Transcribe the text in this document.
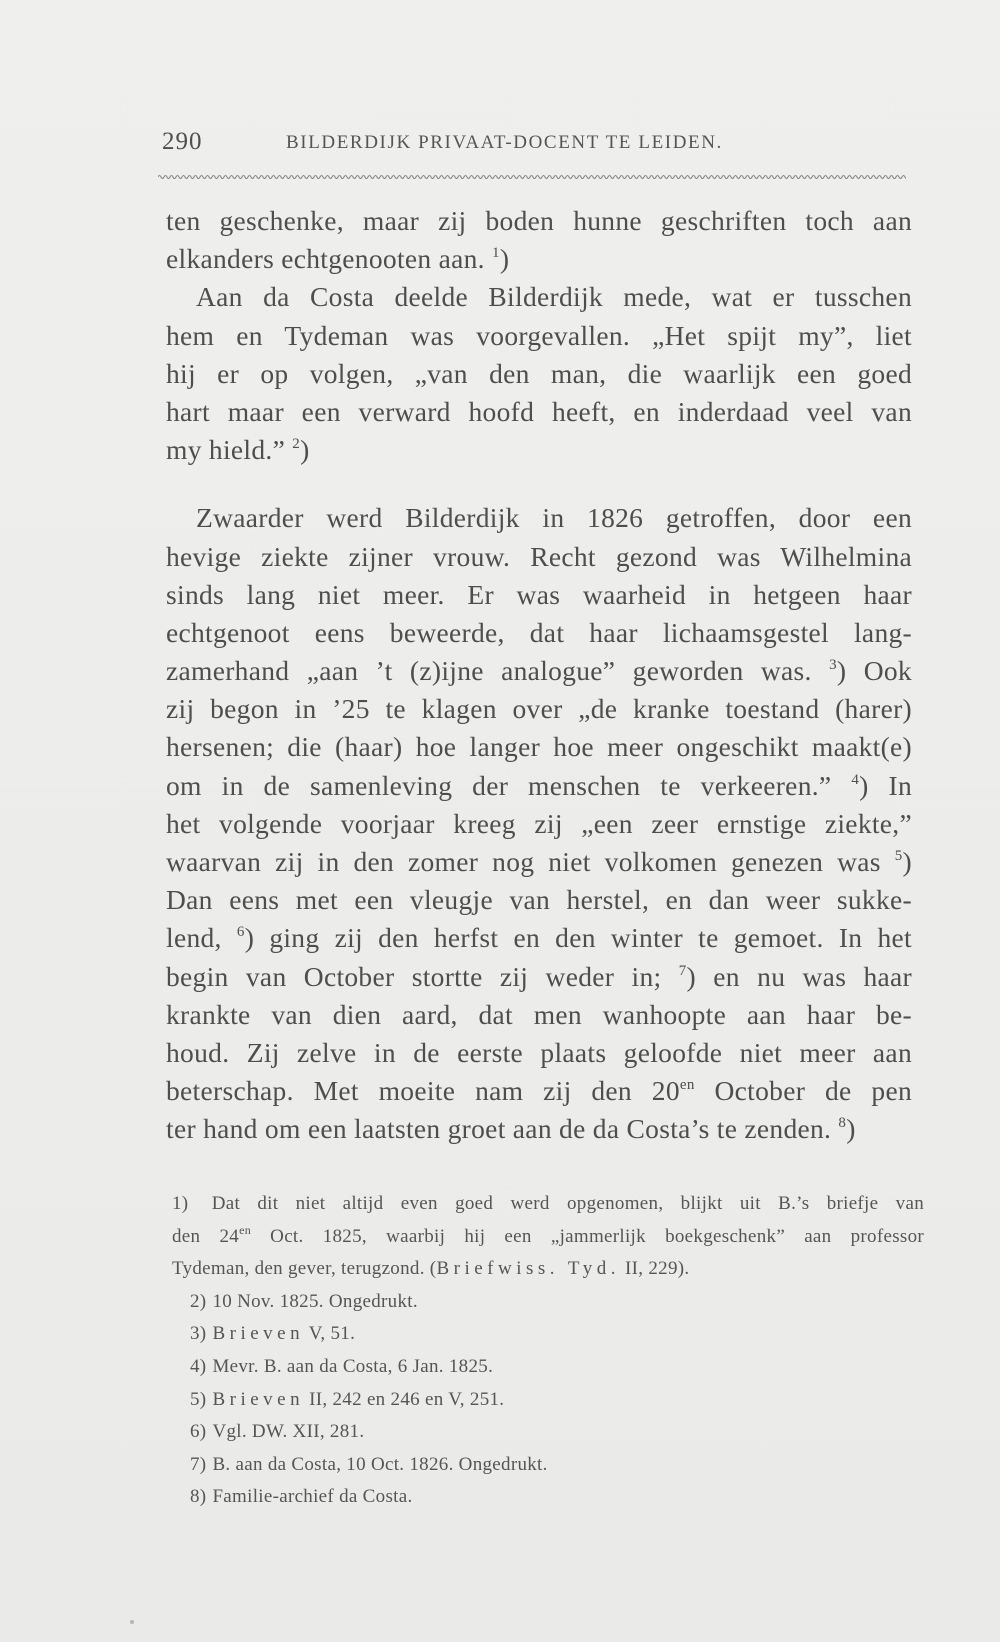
290	BILDERDIJK PRIVAAT-DOCENT TE LEIDEN.
ten geschenke, maar zij boden hunne geschriften toch aan
elkanders echtgenooten aan. $^1$)
Aan da Costa deelde Bilderdijk mede, wat er tusschen
hem en Tydeman was voorgevallen. „Het spijt my”, liet
hij er op volgen, „van den man, die waarlijk een goed
hart maar een verward hoofd heeft, en inderdaad veel van
my hield.” $^2$)
Zwaarder werd Bilderdijk in 1826 getroffen, door een
hevige ziekte zijner vrouw. Recht gezond was Wilhelmina
sinds lang niet meer. Er was waarheid in hetgeen haar
echtgenoot eens beweerde, dat haar lichaamsgestel lang-
zamerhand „aan ’t (z)ijne analogue” geworden was. $^3$) Ook
zij begon in ’25 te klagen over „de kranke toestand (harer)
hersenen; die (haar) hoe langer hoe meer ongeschikt maakt(e)
om in de samenleving der menschen te verkeeren.” $^4$) In
het volgende voorjaar kreeg zij „een zeer ernstige ziekte,”
waarvan zij in den zomer nog niet volkomen genezen was $^5$)
Dan eens met een vleugje van herstel, en dan weer sukke-
lend, $^6$) ging zij den herfst en den winter te gemoet. In het
begin van October stortte zij weder in; $^7$) en nu was haar
krankte van dien aard, dat men wanhoopte aan haar be-
houd. Zij zelve in de eerste plaats geloofde niet meer aan
beterschap. Met moeite nam zij den $20^{en}$ October de pen
ter hand om een laatsten groet aan de da Costa’s te zenden. $^8$)
1) Dat dit niet altijd even goed werd opgenomen, blijkt uit B.’s briefje van
den $24^{en}$ Oct. 1825, waarbij hij een „jammerlijk boekgeschenk” aan professor
Tydeman, den gever, terugzond. (Briefwiss. Tyd. II, 229).
2) 10 Nov. 1825. Ongedrukt.
3) Brieven V, 51.
4) Mevr. B. aan da Costa, 6 Jan. 1825.
5) Brieven II, 242 en 246 en V, 251.
6) Vgl. DW. XII, 281.
7) B. aan da Costa, 10 Oct. 1826. Ongedrukt.
8) Familie-archief da Costa.
